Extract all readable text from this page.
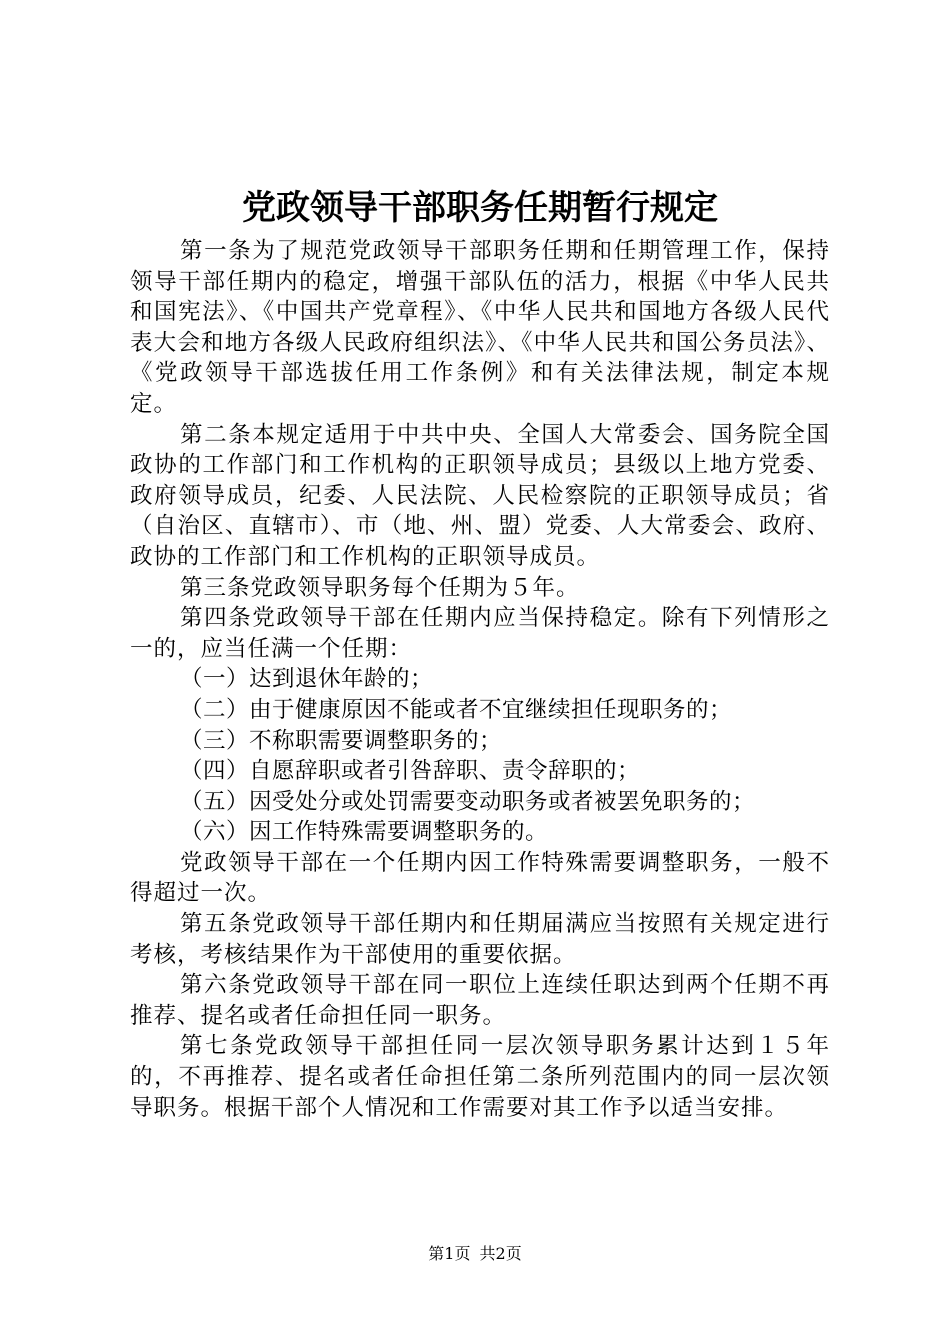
党政领导干部职务任期暂行规定

第一条为了规范党政领导干部职务任期和任期管理工作，保持领导干部任期内的稳定，增强干部队伍的活力，根据《中华人民共和国宪法》、《中国共产党章程》、《中华人民共和国地方各级人民代表大会和地方各级人民政府组织法》、《中华人民共和国公务员法》、《党政领导干部选拔任用工作条例》和有关法律法规，制定本规定。

第二条本规定适用于中共中央、全国人大常委会、国务院全国政协的工作部门和工作机构的正职领导成员；县级以上地方党委、政府领导成员，纪委、人民法院、人民检察院的正职领导成员；省（自治区、直辖市）、市（地、州、盟）党委、人大常委会、政府、政协的工作部门和工作机构的正职领导成员。

第三条党政领导职务每个任期为５年。

第四条党政领导干部在任期内应当保持稳定。除有下列情形之一的，应当任满一个任期：

（一）达到退休年龄的；

（二）由于健康原因不能或者不宜继续担任现职务的；

（三）不称职需要调整职务的；

（四）自愿辞职或者引咎辞职、责令辞职的；

（五）因受处分或处罚需要变动职务或者被罢免职务的；

（六）因工作特殊需要调整职务的。

党政领导干部在一个任期内因工作特殊需要调整职务，一般不得超过一次。

第五条党政领导干部任期内和任期届满应当按照有关规定进行考核，考核结果作为干部使用的重要依据。

第六条党政领导干部在同一职位上连续任职达到两个任期不再推荐、提名或者任命担任同一职务。

第七条党政领导干部担任同一层次领导职务累计达到１５年的，不再推荐、提名或者任命担任第二条所列范围内的同一层次领导职务。根据干部个人情况和工作需要对其工作予以适当安排。

第1页 共2页
